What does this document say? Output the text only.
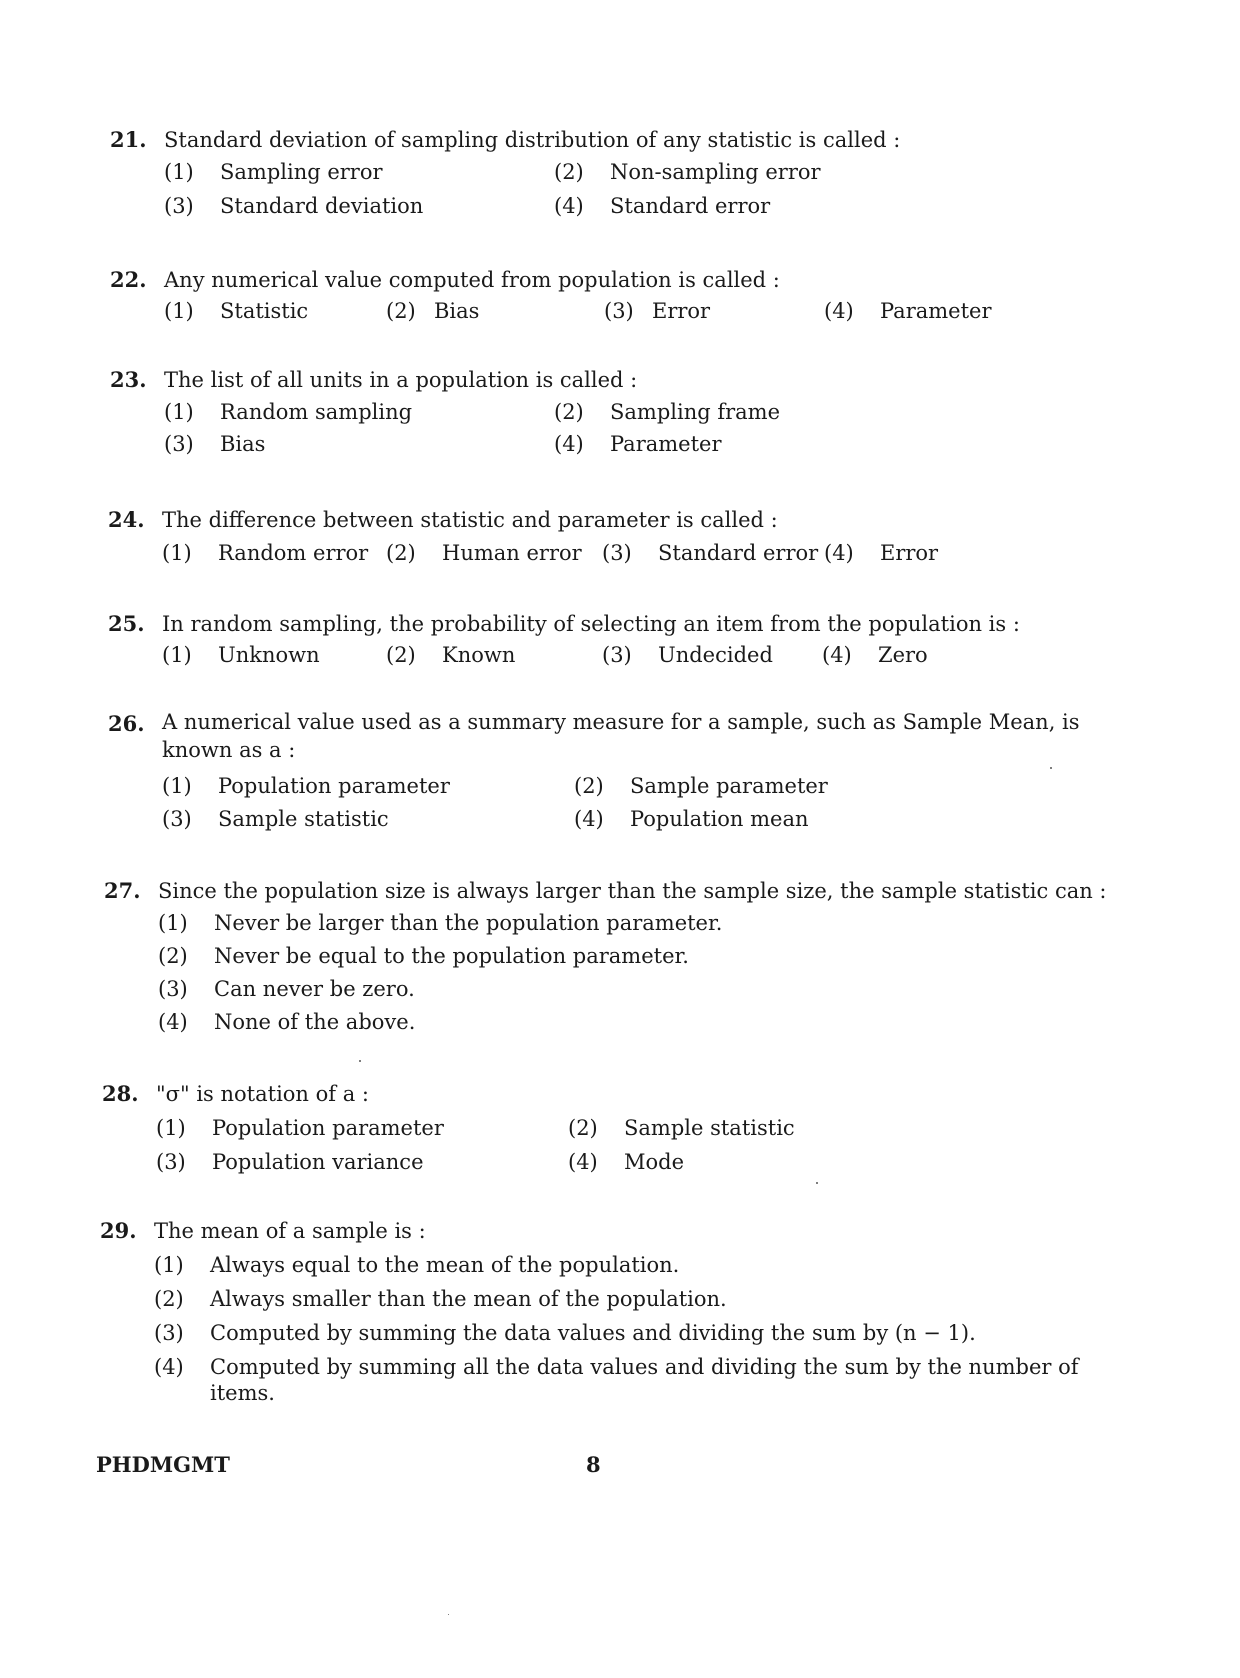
21. Standard deviation of sampling distribution of any statistic is called :
(1) Sampling error	(2) Non-sampling error
(3) Standard deviation	(4) Standard error
22. Any numerical value computed from population is called :
(1) Statistic	(2) Bias	(3) Error	(4) Parameter
23. The list of all units in a population is called :
(1) Random sampling	(2) Sampling frame
(3) Bias	(4) Parameter
24. The difference between statistic and parameter is called :
(1) Random error (2) Human error (3) Standard error (4) Error
25. In random sampling, the probability of selecting an item from the population is :
(1) Unknown	(2) Known	(3) Undecided (4) Zero
26. A numerical value used as a summary measure for a sample, such as Sample Mean, is known as a :
(1) Population parameter	(2) Sample parameter
(3) Sample statistic	(4) Population mean
27. Since the population size is always larger than the sample size, the sample statistic can :
(1) Never be larger than the population parameter.
(2) Never be equal to the population parameter.
(3) Can never be zero.
(4) None of the above.
28. "σ" is notation of a :
(1) Population parameter	(2) Sample statistic
(3) Population variance	(4) Mode
29. The mean of a sample is :
(1) Always equal to the mean of the population.
(2) Always smaller than the mean of the population.
(3) Computed by summing the data values and dividing the sum by (n − 1).
(4) Computed by summing all the data values and dividing the sum by the number of items.
PHDMGMT	8
